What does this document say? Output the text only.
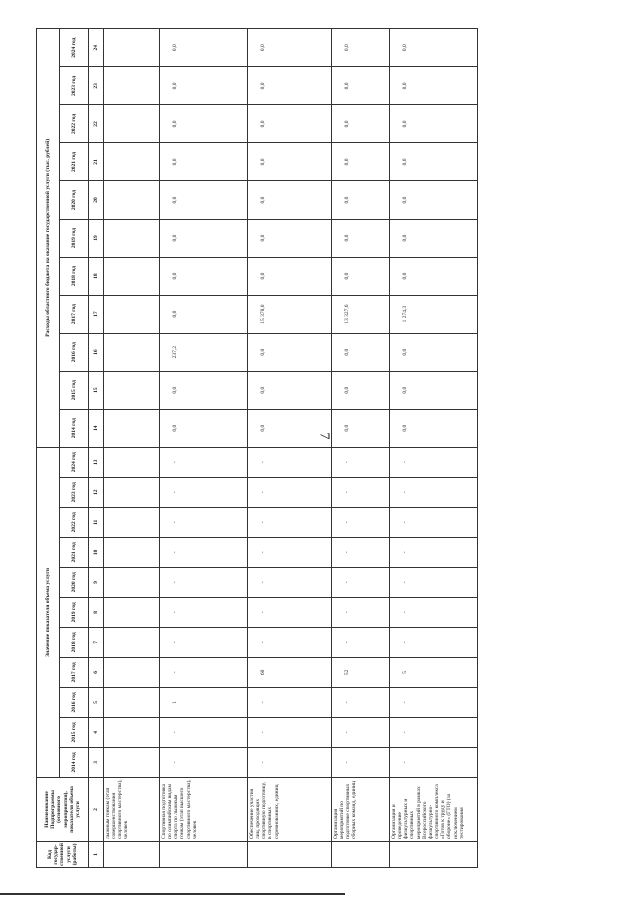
7
Код государ-ственной услуги (работы)	Наименование Подпрограммы (основного мероприятия), показателя объема услуги	Значение показателя объема услуги											Расходы областного бюджета на оказание государственной услуги (тыс. рублей)										
		2014 год	2015 год	2016 год	2017 год	2018 год	2019 год	2020 год	2021 год	2022 год	2023 год	2024 год	2014 год	2015 год	2016 год	2017 год	2018 год	2019 год	2020 год	2021 год	2022 год	2023 год	2024 год
1	2	3	4	5	6	7	8	9	10	11	12	13	14	15	16	17	18	19	20	21	22	23	24
	лыжным гонкам (этап совершенствования спортивного мастерства), человек																						
	Спортивная подготовка по олимпийским видам спорта по лыжным гонкам (этап высшего спортивного мастерства), человек	-	-	1	-	-	-	-	-	-	-	-	0,0	0,0	237,2	0,0	0,0	0,0	0,0	0,0	0,0	0,0	0,0
	Обеспечение участия лиц, проходящих спортивную подготовку, в спортивных соревнованиях, единиц	-	-	-	60	-	-	-	-	-	-	-	0,0	0,0	0,0	15 378,0	0,0	0,0	0,0	0,0	0,0	0,0	0,0
	Организация мероприятий по подготовке спортивных сборных команд, единиц	-	-	-	52	-	-	-	-	-	-	-	0,0	0,0	0,0	13 327,6	0,0	0,0	0,0	0,0	0,0	0,0	0,0
	Организация и проведение физкультурных и спортивных мероприятий в рамках Всероссийского физкультурно-спортивного комплекса «Готов к труду и обороне» (ГТО) (за исключением тестирования	-	-	-	5	-	-	-	-	-	-	-	0,0	0,0	0,0	1 274,3	0,0	0,0	0,0	0,0	0,0	0,0	0,0
